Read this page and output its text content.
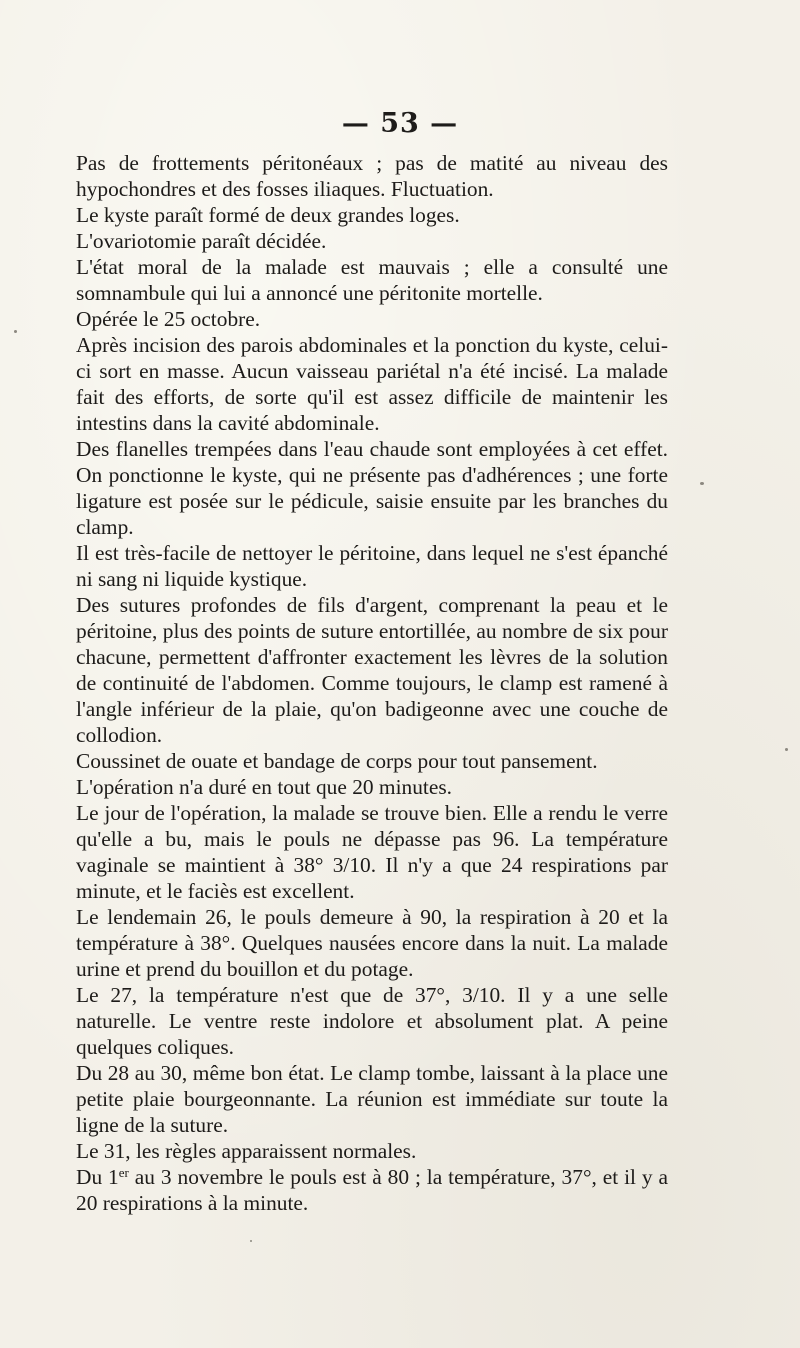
— 53 —

Pas de frottements péritonéaux ; pas de matité au niveau des hypochondres et des fosses iliaques. Fluctuation.

Le kyste paraît formé de deux grandes loges.

L'ovariotomie paraît décidée.

L'état moral de la malade est mauvais ; elle a consulté une somnambule qui lui a annoncé une péritonite mortelle.

Opérée le 25 octobre.

Après incision des parois abdominales et la ponction du kyste, celui-ci sort en masse. Aucun vaisseau pariétal n'a été incisé. La malade fait des efforts, de sorte qu'il est assez difficile de maintenir les intestins dans la cavité abdominale.

Des flanelles trempées dans l'eau chaude sont employées à cet effet. On ponctionne le kyste, qui ne présente pas d'adhérences ; une forte ligature est posée sur le pédicule, saisie ensuite par les branches du clamp.

Il est très-facile de nettoyer le péritoine, dans lequel ne s'est épanché ni sang ni liquide kystique.

Des sutures profondes de fils d'argent, comprenant la peau et le péritoine, plus des points de suture entortillée, au nombre de six pour chacune, permettent d'affronter exactement les lèvres de la solution de continuité de l'abdomen. Comme toujours, le clamp est ramené à l'angle inférieur de la plaie, qu'on badigeonne avec une couche de collodion.

Coussinet de ouate et bandage de corps pour tout pansement.

L'opération n'a duré en tout que 20 minutes.

Le jour de l'opération, la malade se trouve bien. Elle a rendu le verre qu'elle a bu, mais le pouls ne dépasse pas 96. La température vaginale se maintient à 38° 3/10. Il n'y a que 24 respirations par minute, et le faciès est excellent.

Le lendemain 26, le pouls demeure à 90, la respiration à 20 et la température à 38°. Quelques nausées encore dans la nuit. La malade urine et prend du bouillon et du potage.

Le 27, la température n'est que de 37°, 3/10. Il y a une selle naturelle. Le ventre reste indolore et absolument plat. A peine quelques coliques.

Du 28 au 30, même bon état. Le clamp tombe, laissant à la place une petite plaie bourgeonnante. La réunion est immédiate sur toute la ligne de la suture.

Le 31, les règles apparaissent normales.

Du 1er au 3 novembre le pouls est à 80 ; la température, 37°, et il y a 20 respirations à la minute.
